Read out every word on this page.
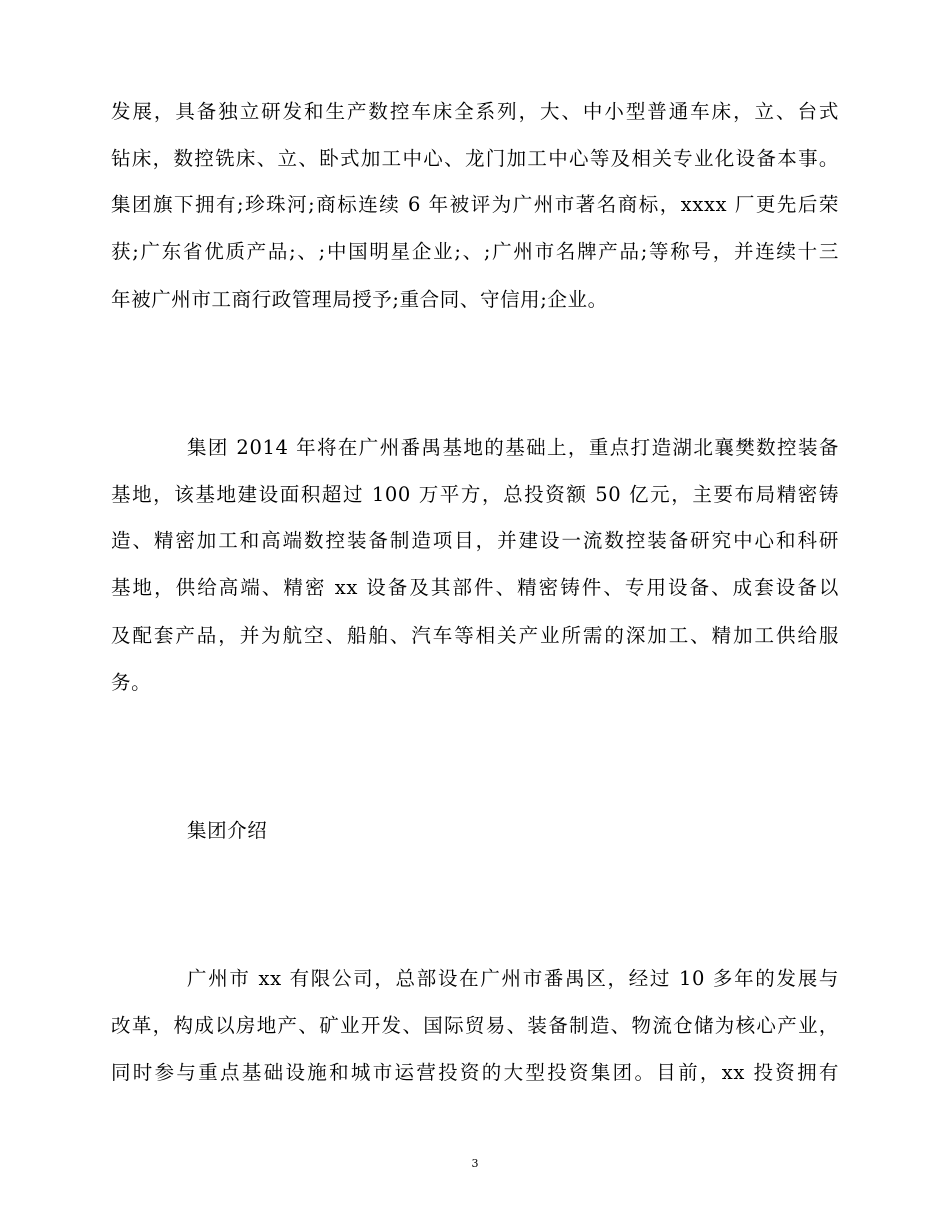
发展，具备独立研发和生产数控车床全系列，大、中小型普通车床，立、台式
钻床，数控铣床、立、卧式加工中心、龙门加工中心等及相关专业化设备本事。
集团旗下拥有;珍珠河;商标连续 6 年被评为广州市著名商标，xxxx 厂更先后荣
获;广东省优质产品;、;中国明星企业;、;广州市名牌产品;等称号，并连续十三
年被广州市工商行政管理局授予;重合同、守信用;企业。
集团 2014 年将在广州番禺基地的基础上，重点打造湖北襄樊数控装备
基地，该基地建设面积超过 100 万平方，总投资额 50 亿元，主要布局精密铸
造、精密加工和高端数控装备制造项目，并建设一流数控装备研究中心和科研
基地，供给高端、精密 xx 设备及其部件、精密铸件、专用设备、成套设备以
及配套产品，并为航空、船舶、汽车等相关产业所需的深加工、精加工供给服
务。
集团介绍
广州市 xx 有限公司，总部设在广州市番禺区，经过 10 多年的发展与
改革，构成以房地产、矿业开发、国际贸易、装备制造、物流仓储为核心产业，
同时参与重点基础设施和城市运营投资的大型投资集团。目前，xx 投资拥有
3
